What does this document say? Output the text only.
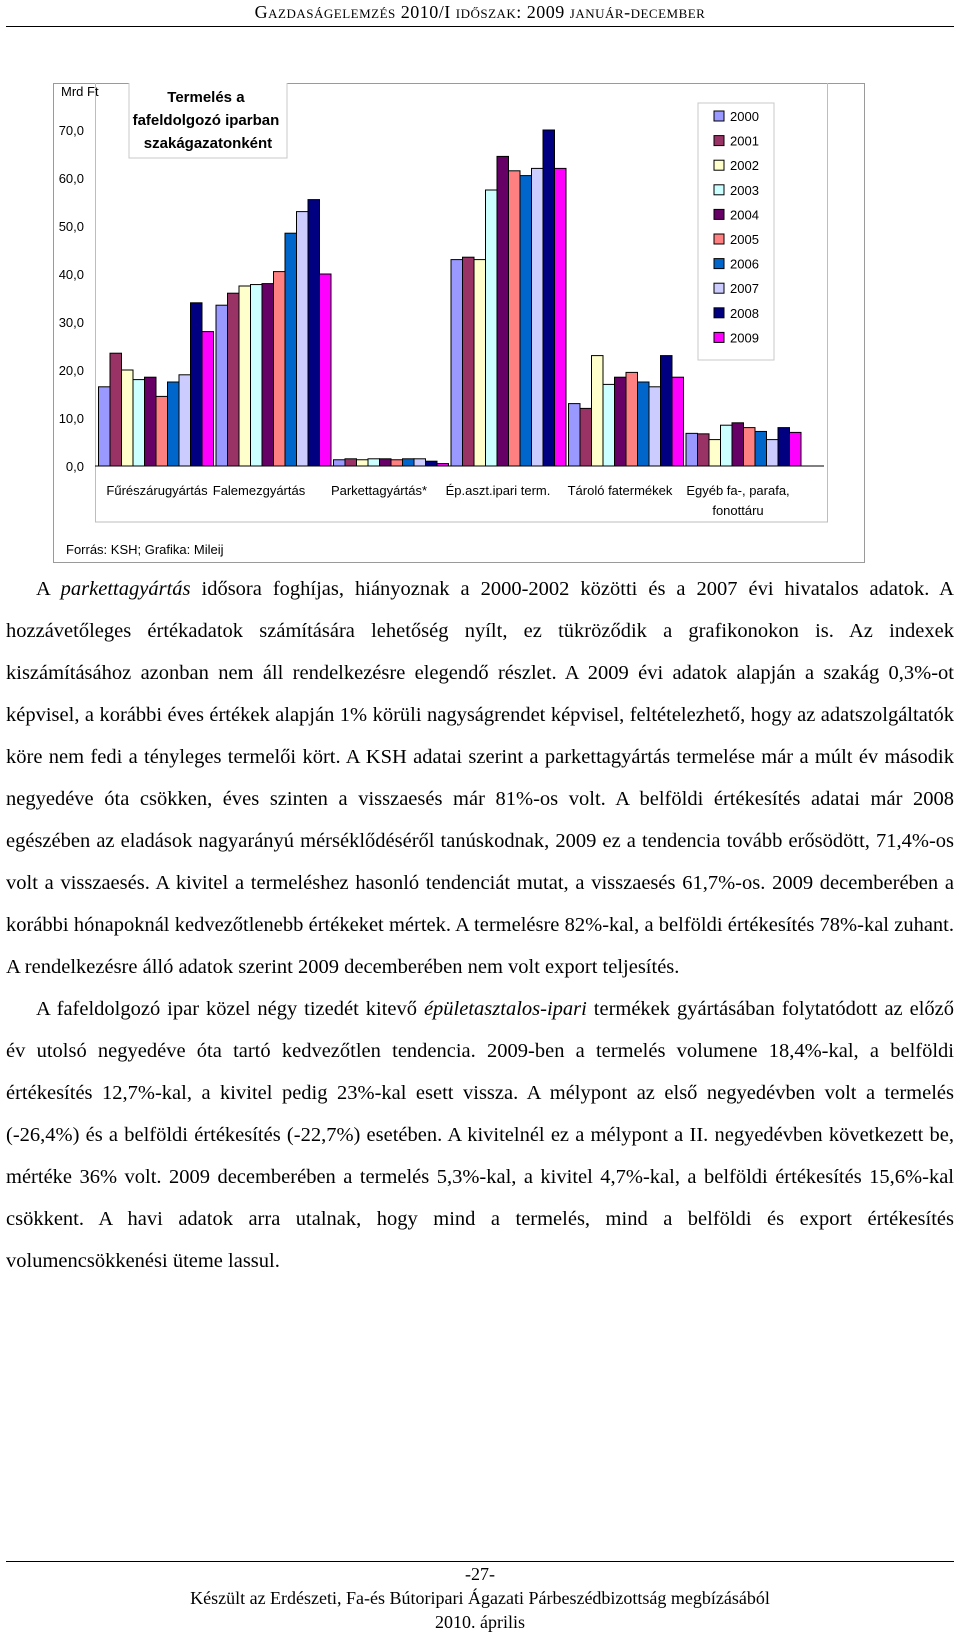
Gazdaságelemzés 2010/I időszak: 2009 január-december
Mrd Ft
0,0
10,0
20,0
30,0
40,0
50,0
60,0
70,0
Fűrészárugyártás Falemezgyártás Parkettagyártás* Ép.aszt.ipari term. Tároló fatermékek Egyéb fa-, parafa,
fonottáru
Termelés a fafeldolgozó iparban szakágazatonként
2000
2001
2002
2003
2004
2005
2006
2007
2008
2009
Forrás: KSH; Grafika: Mileij

A parkettagyártás idősora foghíjas, hiányoznak a 2000-2002 közötti és a 2007 évi hivatalos adatok. A hozzávetőleges értékadatok számítására lehetőség nyílt, ez tükröződik a grafikonokon is. Az indexek kiszámításához azonban nem áll rendelkezésre elegendő részlet. A 2009 évi adatok alapján a szakág 0,3%-ot képvisel, a korábbi éves értékek alapján 1% körüli nagyságrendet képvisel, feltételezhető, hogy az adatszolgáltatók köre nem fedi a tényleges termelői kört. A KSH adatai szerint a parkettagyártás termelése már a múlt év második negyedéve óta csökken, éves szinten a visszaesés már 81%-os volt. A belföldi értékesítés adatai már 2008 egészében az eladások nagyarányú mérséklődéséről tanúskodnak, 2009 ez a tendencia tovább erősödött, 71,4%-os volt a visszaesés. A kivitel a termeléshez hasonló tendenciát mutat, a visszaesés 61,7%-os. 2009 decemberében a korábbi hónapoknál kedvezőtlenebb értékeket mértek. A termelésre 82%-kal, a belföldi értékesítés 78%-kal zuhant. A rendelkezésre álló adatok szerint 2009 decemberében nem volt export teljesítés.

A fafeldolgozó ipar közel négy tizedét kitevő épületasztalos-ipari termékek gyártásában folytatódott az előző év utolsó negyedéve óta tartó kedvezőtlen tendencia. 2009-ben a termelés volumene 18,4%-kal, a belföldi értékesítés 12,7%-kal, a kivitel pedig 23%-kal esett vissza. A mélypont az első negyedévben volt a termelés (-26,4%) és a belföldi értékesítés (-22,7%) esetében. A kivitelnél ez a mélypont a II. negyedévben következett be, mértéke 36% volt. 2009 decemberében a termelés 5,3%-kal, a kivitel 4,7%-kal, a belföldi értékesítés 15,6%-kal csökkent. A havi adatok arra utalnak, hogy mind a termelés, mind a belföldi és export értékesítés volumencsökkenési üteme lassul.

-27-
Készült az Erdészeti, Fa-és Bútoripari Ágazati Párbeszédbizottság megbízásából
2010. április
